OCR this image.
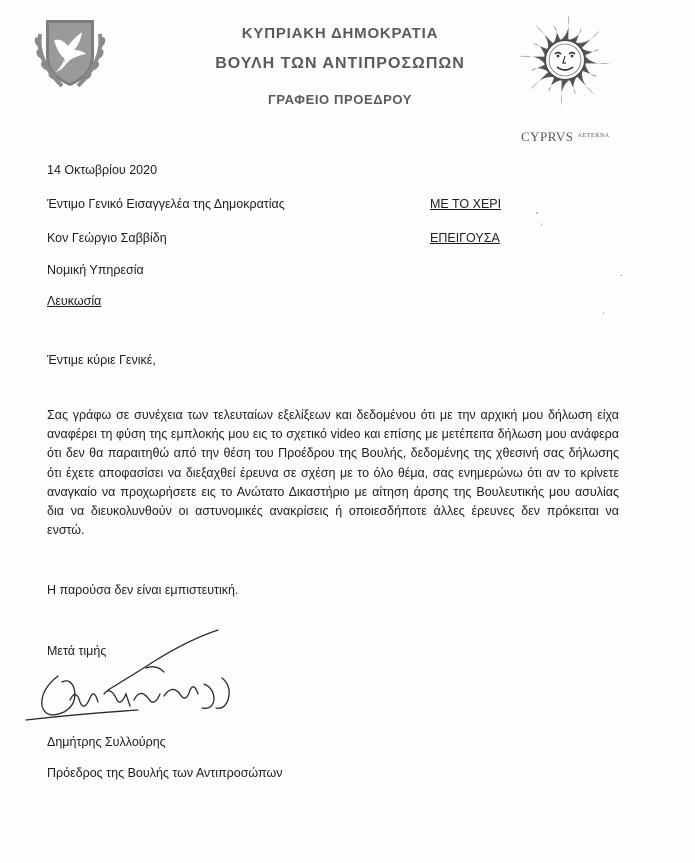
ΚΥΠΡΙΑΚΗ ΔΗΜΟΚΡΑΤΙΑ
ΒΟΥΛΗ ΤΩΝ ΑΝΤΙΠΡΟΣΩΠΩΝ
ΓΡΑΦΕΙΟ ΠΡΟΕΔΡΟΥ
CYPRVS $^{AETERNA}$
14 Οκτωβρίου 2020
Έντιμο Γενικό Εισαγγελέα της Δημοκρατίας
Κον Γεώργιο Σαββίδη
Νομική Υπηρεσία
Λευκωσία
ΜΕ ΤΟ ΧΕΡΙ
ΕΠΕΙΓΟΥΣΑ
Έντιμε κύριε Γενικέ,
Σας γράφω σε συνέχεια των τελευταίων εξελίξεων και δεδομένου ότι με την αρχική μου δήλωση είχα αναφέρει τη φύση της εμπλοκής μου εις το σχετικό video και επίσης με μετέπειτα δήλωση μου ανάφερα ότι δεν θα παραιτηθώ από την θέση του Προέδρου της Βουλής, δεδομένης της χθεσινή σας δήλωσης ότι έχετε αποφασίσει να διεξαχθεί έρευνα σε σχέση με το όλο θέμα, σας ενημερώνω ότι αν το κρίνετε αναγκαίο να προχωρήσετε εις το Ανώτατο Δικαστήριο με αίτηση άρσης της Βουλευτικής μου ασυλίας δια να διευκολυνθούν οι αστυνομικές ανακρίσεις ή οποιεσδήποτε άλλες έρευνες δεν πρόκειται να ενστώ.
Η παρούσα δεν είναι εμπιστευτική.
Μετά τιμής
Δημήτρης Συλλούρης
Πρόεδρος της Βουλής των Αντιπροσώπων
